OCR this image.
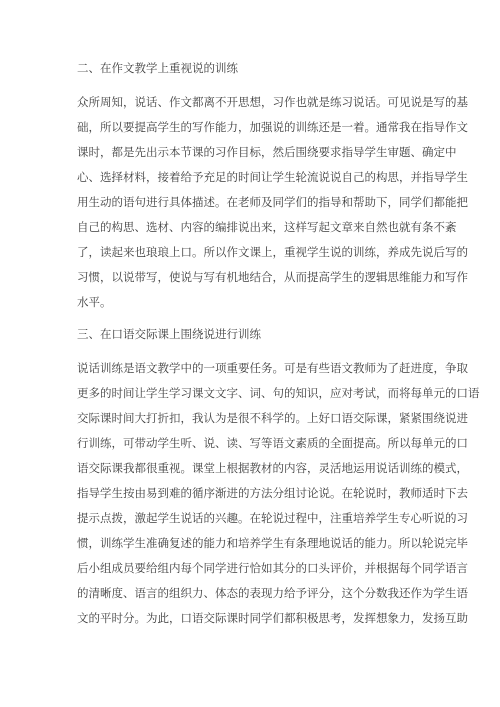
二、在作文教学上重视说的训练
众所周知，说话、作文都离不开思想，习作也就是练习说话。可见说是写的基
础，所以要提高学生的写作能力，加强说的训练还是一着。通常我在指导作文
课时，都是先出示本节课的习作目标，然后围绕要求指导学生审题、确定中
心、选择材料，接着给予充足的时间让学生轮流说说自己的构思，并指导学生
用生动的语句进行具体描述。在老师及同学们的指导和帮助下，同学们都能把
自己的构思、选材、内容的编排说出来，这样写起文章来自然也就有条不紊
了，读起来也琅琅上口。所以作文课上，重视学生说的训练，养成先说后写的
习惯，以说带写，使说与写有机地结合，从而提高学生的逻辑思维能力和写作
水平。
三、在口语交际课上围绕说进行训练
说话训练是语文教学中的一项重要任务。可是有些语文教师为了赶进度，争取
更多的时间让学生学习课文文字、词、句的知识，应对考试，而将每单元的口语
交际课时间大打折扣，我认为是很不科学的。上好口语交际课，紧紧围绕说进
行训练，可带动学生听、说、读、写等语文素质的全面提高。所以每单元的口
语交际课我都很重视。课堂上根据教材的内容，灵活地运用说话训练的模式，
指导学生按由易到难的循序渐进的方法分组讨论说。在轮说时，教师适时下去
提示点拨，激起学生说话的兴趣。在轮说过程中，注重培养学生专心听说的习
惯，训练学生准确复述的能力和培养学生有条理地说话的能力。所以轮说完毕
后小组成员要给组内每个同学进行恰如其分的口头评价，并根据每个同学语言
的清晰度、语言的组织力、体态的表现力给予评分，这个分数我还作为学生语
文的平时分。为此，口语交际课时同学们都积极思考，发挥想象力，发扬互助
